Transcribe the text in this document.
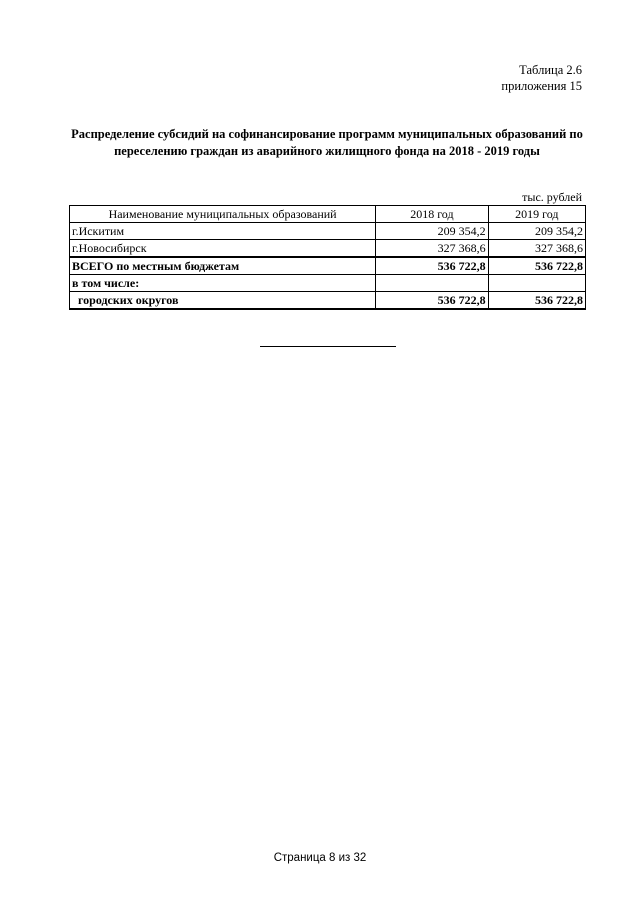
Таблица 2.6
приложения 15
Распределение субсидий на софинансирование программ муниципальных образований по переселению граждан из аварийного жилищного фонда на 2018 - 2019 годы
тыс. рублей
Наименование муниципальных образований	2018 год	2019 год
г.Искитим	209 354,2	209 354,2
г.Новосибирск	327 368,6	327 368,6
ВСЕГО по местным бюджетам	536 722,8	536 722,8
в том числе:		
городских округов	536 722,8	536 722,8
Страница 8 из 32
